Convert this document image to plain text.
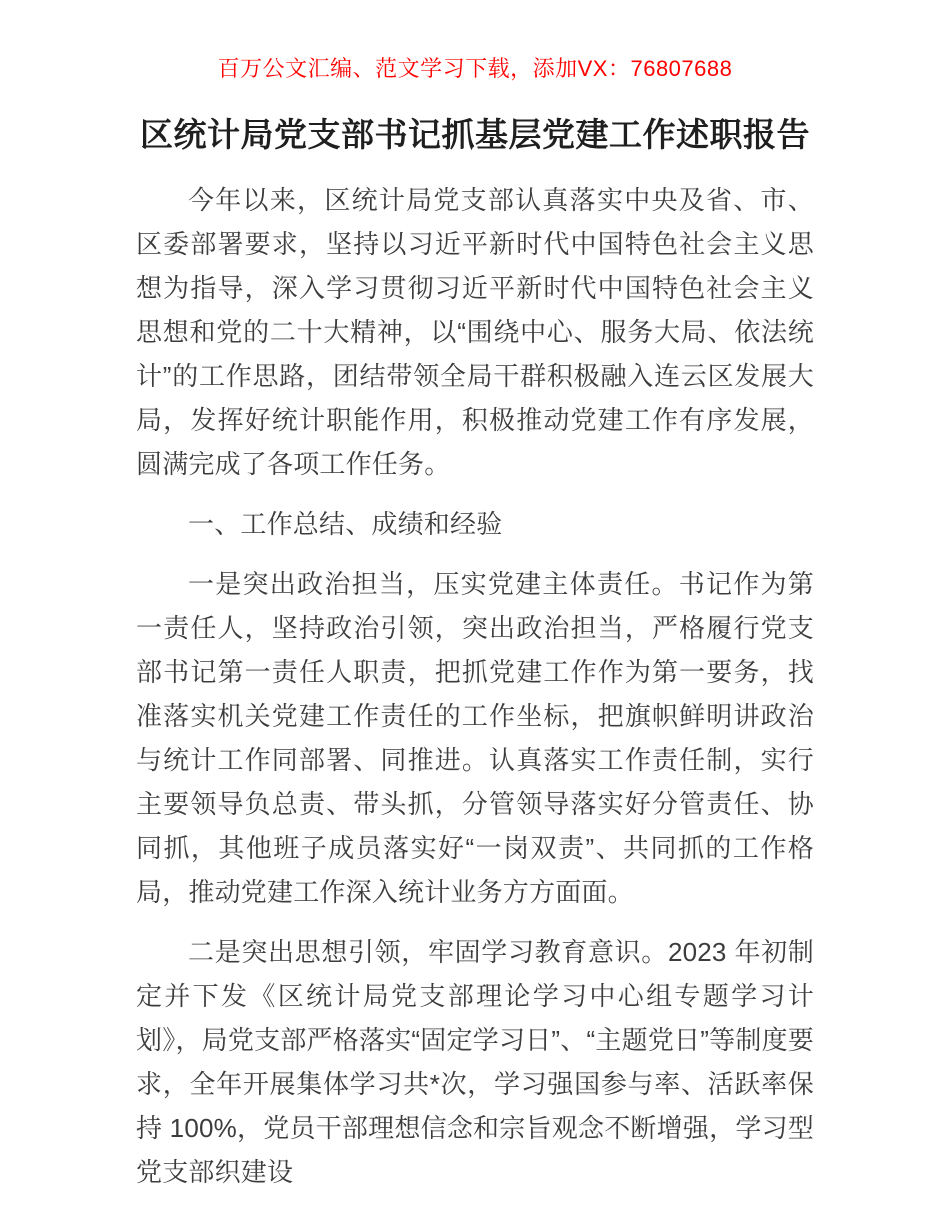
百万公文汇编、范文学习下载，添加VX：76807688
区统计局党支部书记抓基层党建工作述职报告

今年以来，区统计局党支部认真落实中央及省、市、区委部署要求，坚持以习近平新时代中国特色社会主义思想为指导，深入学习贯彻习近平新时代中国特色社会主义思想和党的二十大精神，以“围绕中心、服务大局、依法统计”的工作思路，团结带领全局干群积极融入连云区发展大局，发挥好统计职能作用，积极推动党建工作有序发展，圆满完成了各项工作任务。

一、工作总结、成绩和经验

一是突出政治担当，压实党建主体责任。书记作为第一责任人，坚持政治引领，突出政治担当，严格履行党支部书记第一责任人职责，把抓党建工作作为第一要务，找准落实机关党建工作责任的工作坐标，把旗帜鲜明讲政治与统计工作同部署、同推进。认真落实工作责任制，实行主要领导负总责、带头抓，分管领导落实好分管责任、协同抓，其他班子成员落实好“一岗双责”、共同抓的工作格局，推动党建工作深入统计业务方方面面。

二是突出思想引领，牢固学习教育意识。2023 年初制定并下发《区统计局党支部理论学习中心组专题学习计划》，局党支部严格落实“固定学习日”、“主题党日”等制度要求，全年开展集体学习共*次，学习强国参与率、活跃率保持 100%，党员干部理想信念和宗旨观念不断增强，学习型党支部织建设
